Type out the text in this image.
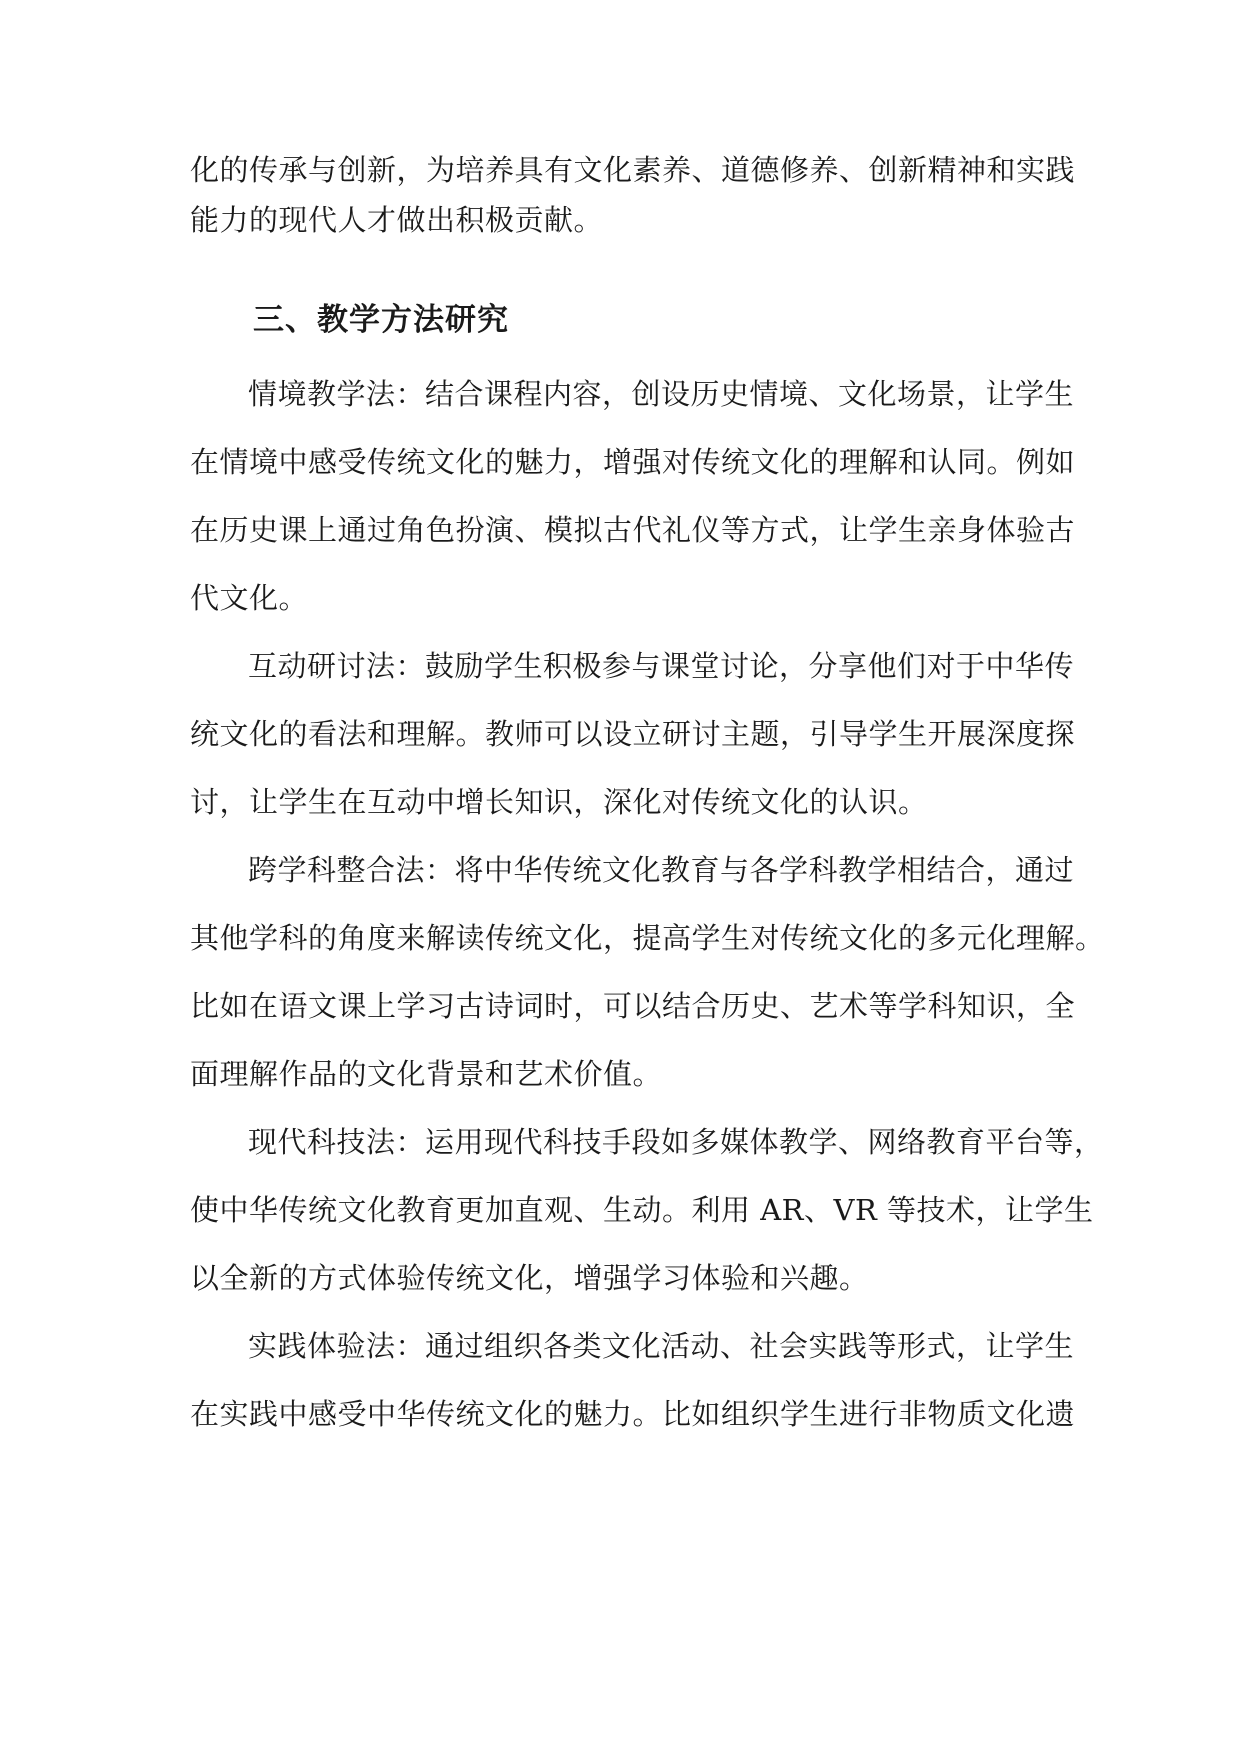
化的传承与创新，为培养具有文化素养、道德修养、创新精神和实践
能力的现代人才做出积极贡献。
三、教学方法研究
情境教学法：结合课程内容，创设历史情境、文化场景，让学生
在情境中感受传统文化的魅力，增强对传统文化的理解和认同。例如
在历史课上通过角色扮演、模拟古代礼仪等方式，让学生亲身体验古
代文化。
互动研讨法：鼓励学生积极参与课堂讨论，分享他们对于中华传
统文化的看法和理解。教师可以设立研讨主题，引导学生开展深度探
讨，让学生在互动中增长知识，深化对传统文化的认识。
跨学科整合法：将中华传统文化教育与各学科教学相结合，通过
其他学科的角度来解读传统文化，提高学生对传统文化的多元化理解。
比如在语文课上学习古诗词时，可以结合历史、艺术等学科知识，全
面理解作品的文化背景和艺术价值。
现代科技法：运用现代科技手段如多媒体教学、网络教育平台等，
使中华传统文化教育更加直观、生动。利用 AR、VR 等技术，让学生
以全新的方式体验传统文化，增强学习体验和兴趣。
实践体验法：通过组织各类文化活动、社会实践等形式，让学生
在实践中感受中华传统文化的魅力。比如组织学生进行非物质文化遗
